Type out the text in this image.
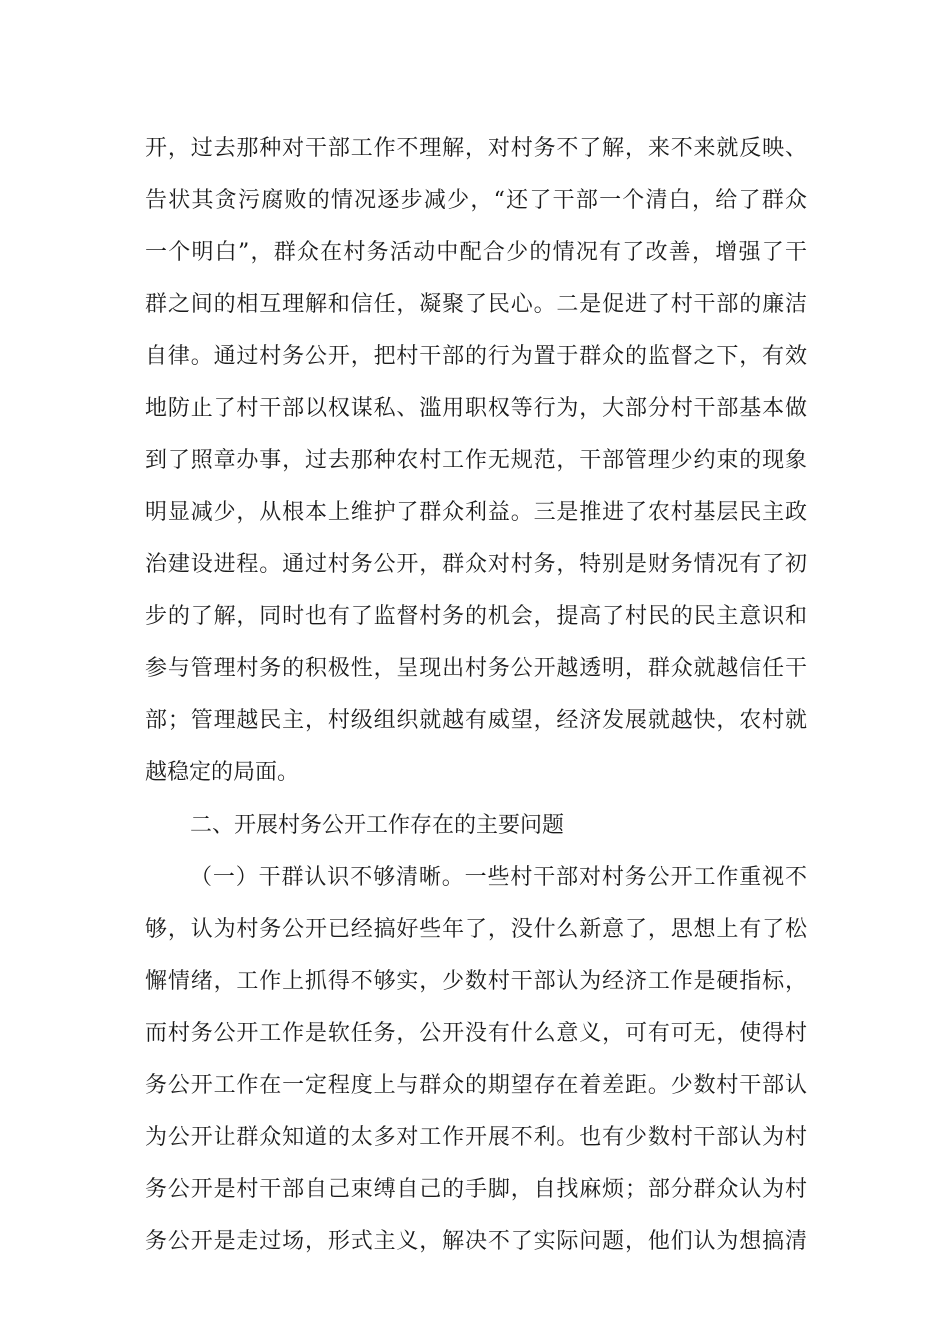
开，过去那种对干部工作不理解，对村务不了解，来不来就反映、
告状其贪污腐败的情况逐步减少，“还了干部一个清白，给了群众
一个明白”，群众在村务活动中配合少的情况有了改善，增强了干
群之间的相互理解和信任，凝聚了民心。二是促进了村干部的廉洁
自律。通过村务公开，把村干部的行为置于群众的监督之下，有效
地防止了村干部以权谋私、滥用职权等行为，大部分村干部基本做
到了照章办事，过去那种农村工作无规范，干部管理少约束的现象
明显减少，从根本上维护了群众利益。三是推进了农村基层民主政
治建设进程。通过村务公开，群众对村务，特别是财务情况有了初
步的了解，同时也有了监督村务的机会，提高了村民的民主意识和
参与管理村务的积极性，呈现出村务公开越透明，群众就越信任干
部；管理越民主，村级组织就越有威望，经济发展就越快，农村就
越稳定的局面。
二、开展村务公开工作存在的主要问题
（一）干群认识不够清晰。一些村干部对村务公开工作重视不
够，认为村务公开已经搞好些年了，没什么新意了，思想上有了松
懈情绪，工作上抓得不够实，少数村干部认为经济工作是硬指标，
而村务公开工作是软任务，公开没有什么意义，可有可无，使得村
务公开工作在一定程度上与群众的期望存在着差距。少数村干部认
为公开让群众知道的太多对工作开展不利。也有少数村干部认为村
务公开是村干部自己束缚自己的手脚，自找麻烦；部分群众认为村
务公开是走过场，形式主义，解决不了实际问题，他们认为想搞清
